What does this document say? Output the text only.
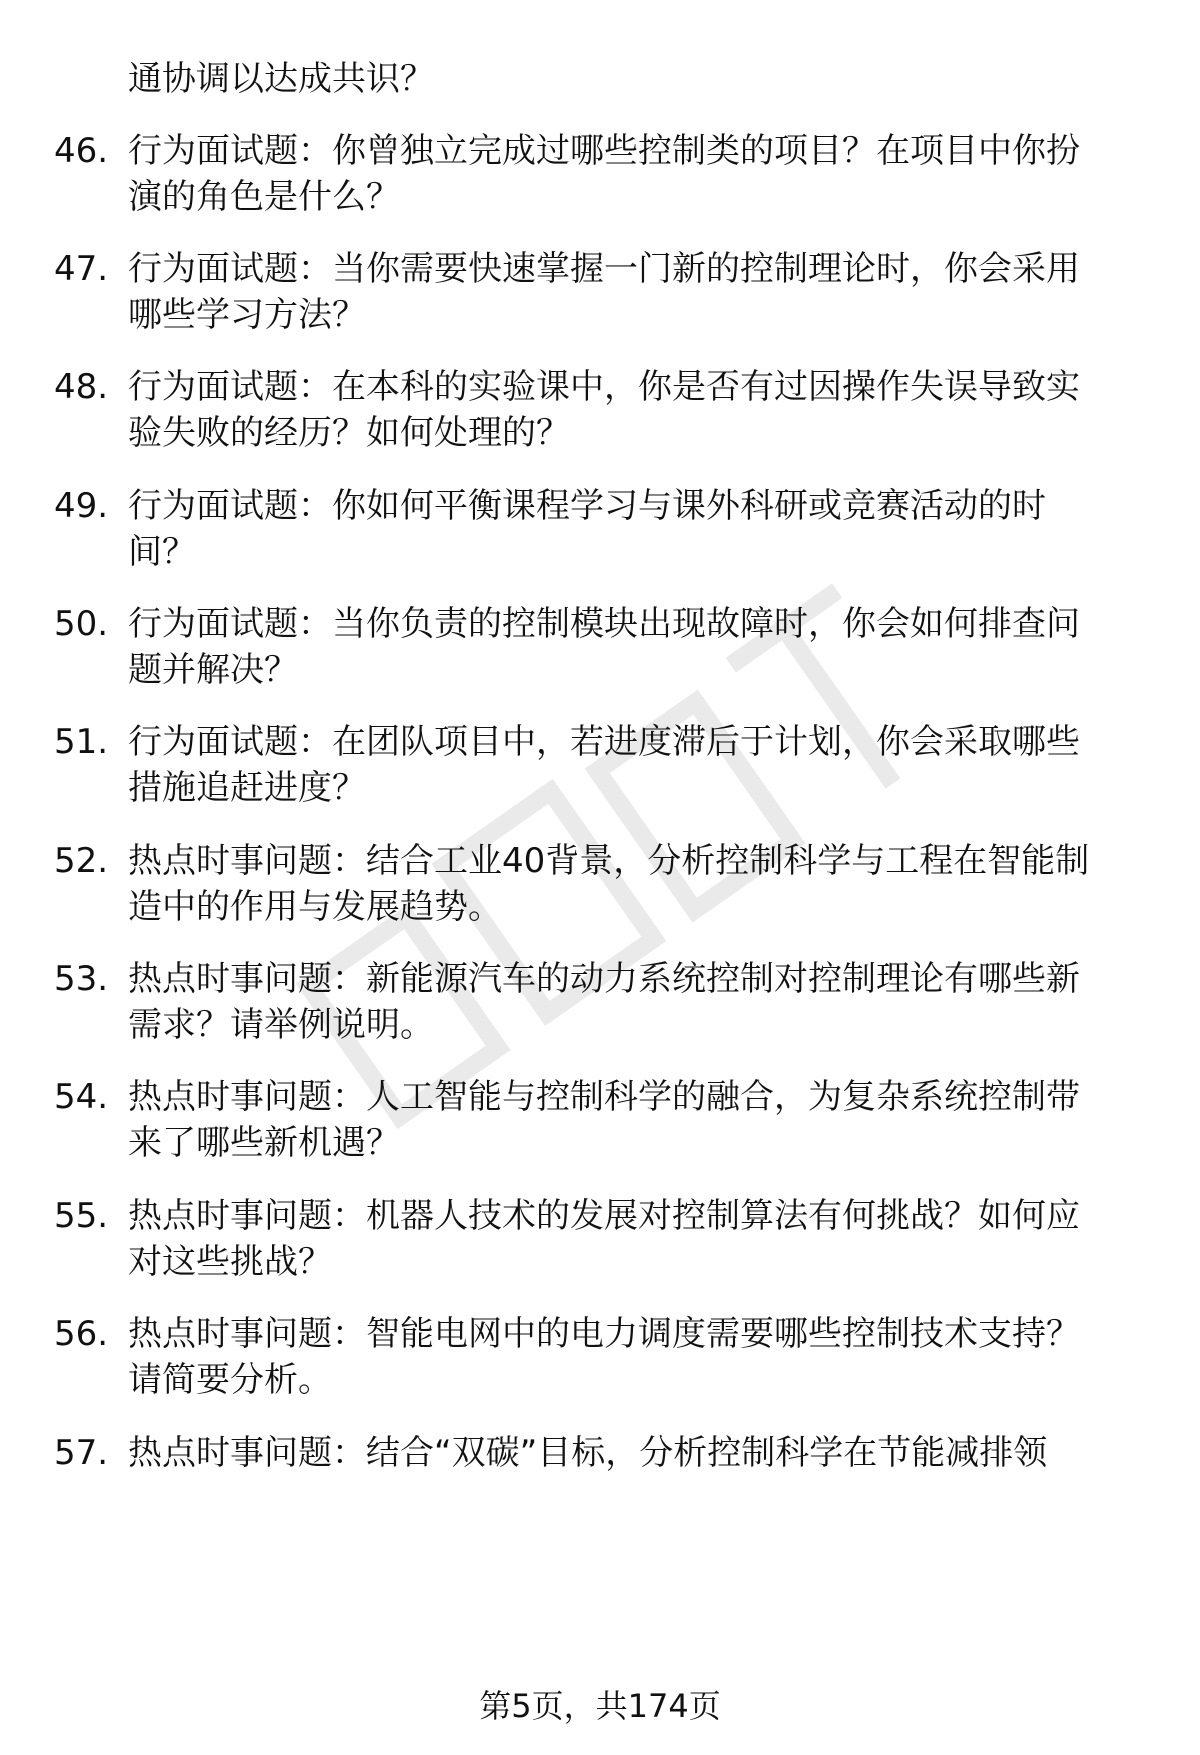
通协调以达成共识？
46. 行为面试题：你曾独立完成过哪些控制类的项目？在项目中你扮
演的角色是什么？
47. 行为面试题：当你需要快速掌握一门新的控制理论时，你会采用
哪些学习方法？
48. 行为面试题：在本科的实验课中，你是否有过因操作失误导致实
验失败的经历？如何处理的？
49. 行为面试题：你如何平衡课程学习与课外科研或竞赛活动的时
间？
50. 行为面试题：当你负责的控制模块出现故障时，你会如何排查问
题并解决？
51. 行为面试题：在团队项目中，若进度滞后于计划，你会采取哪些
措施追赶进度？
52. 热点时事问题：结合工业40背景，分析控制科学与工程在智能制
造中的作用与发展趋势。
53. 热点时事问题：新能源汽车的动力系统控制对控制理论有哪些新
需求？请举例说明。
54. 热点时事问题：人工智能与控制科学的融合，为复杂系统控制带
来了哪些新机遇？
55. 热点时事问题：机器人技术的发展对控制算法有何挑战？如何应
对这些挑战？
56. 热点时事问题：智能电网中的电力调度需要哪些控制技术支持？
请简要分析。
57. 热点时事问题：结合“双碳”目标，分析控制科学在节能减排领
第5页，共174页
